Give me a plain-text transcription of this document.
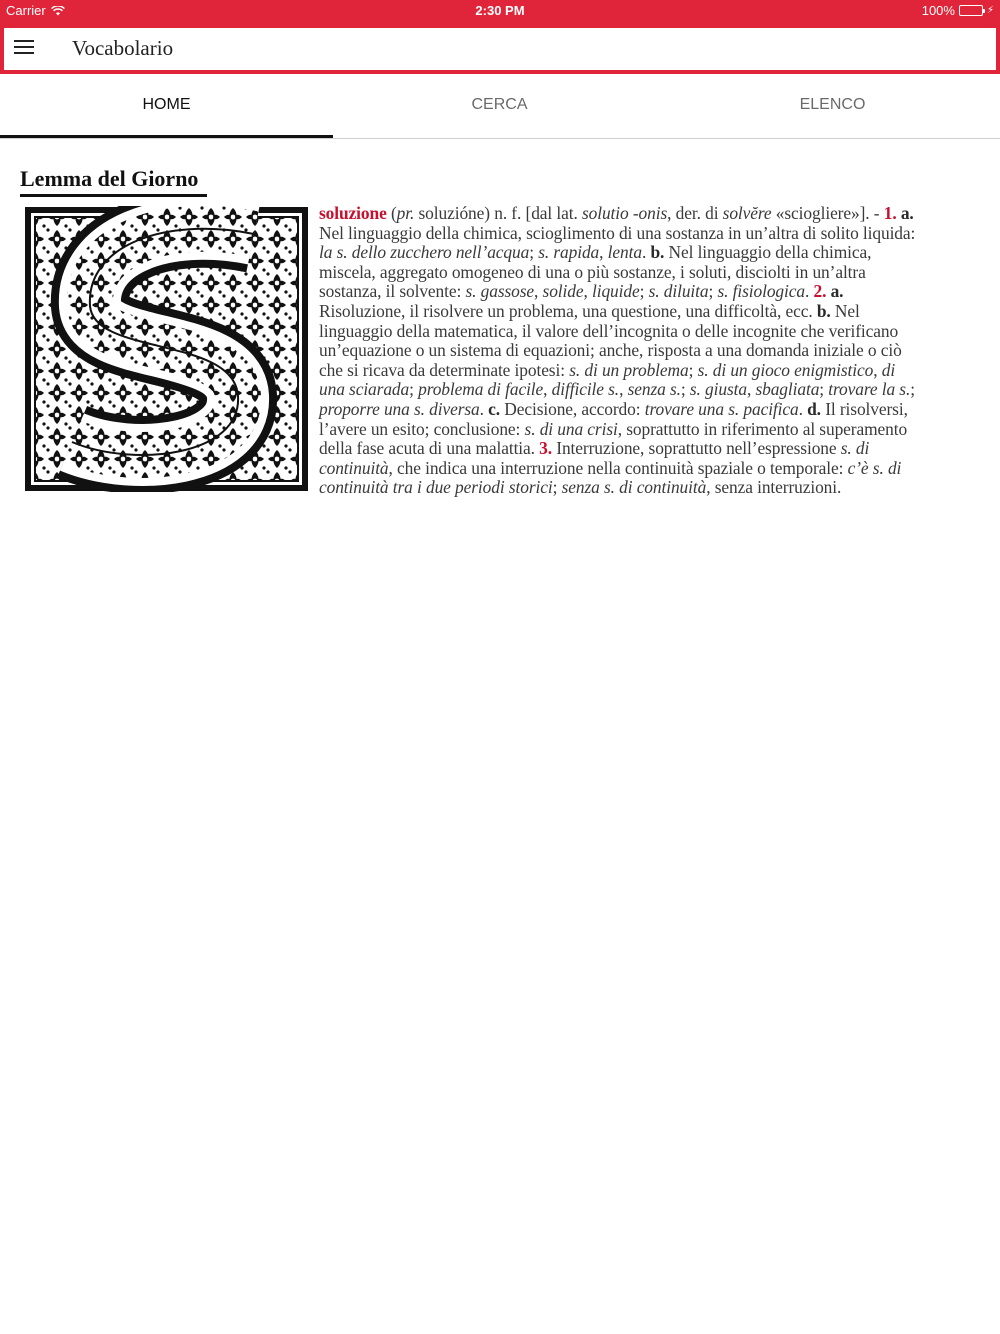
Carrier	2:30 PM	100%	⚡
Vocabolario
HOME	CERCA	ELENCO
Lemma del Giorno
soluzione (pr. soluzióne) n. f. [dal lat. solutio -onis, der. di solvĕre «sciogliere»]. - 1. a. Nel linguaggio della chimica, scioglimento di una sostanza in un’altra di solito liquida: la s. dello zucchero nell’acqua; s. rapida, lenta. b. Nel linguaggio della chimica, miscela, aggregato omogeneo di una o più sostanze, i soluti, disciolti in un’altra sostanza, il solvente: s. gassose, solide, liquide; s. diluita; s. fisiologica. 2. a. Risoluzione, il risolvere un problema, una questione, una difficoltà, ecc. b. Nel linguaggio della matematica, il valore dell’incognita o delle incognite che verificano un’equazione o un sistema di equazioni; anche, risposta a una domanda iniziale o ciò che si ricava da determinate ipotesi: s. di un problema; s. di un gioco enigmistico, di una sciarada; problema di facile, difficile s., senza s.; s. giusta, sbagliata; trovare la s.; proporre una s. diversa. c. Decisione, accordo: trovare una s. pacifica. d. Il risolversi, l’avere un esito; conclusione: s. di una crisi, soprattutto in riferimento al superamento della fase acuta di una malattia. 3. Interruzione, soprattutto nell’espressione s. di continuità, che indica una interruzione nella continuità spaziale o temporale: c’è s. di continuità tra i due periodi storici; senza s. di continuità, senza interruzioni.
